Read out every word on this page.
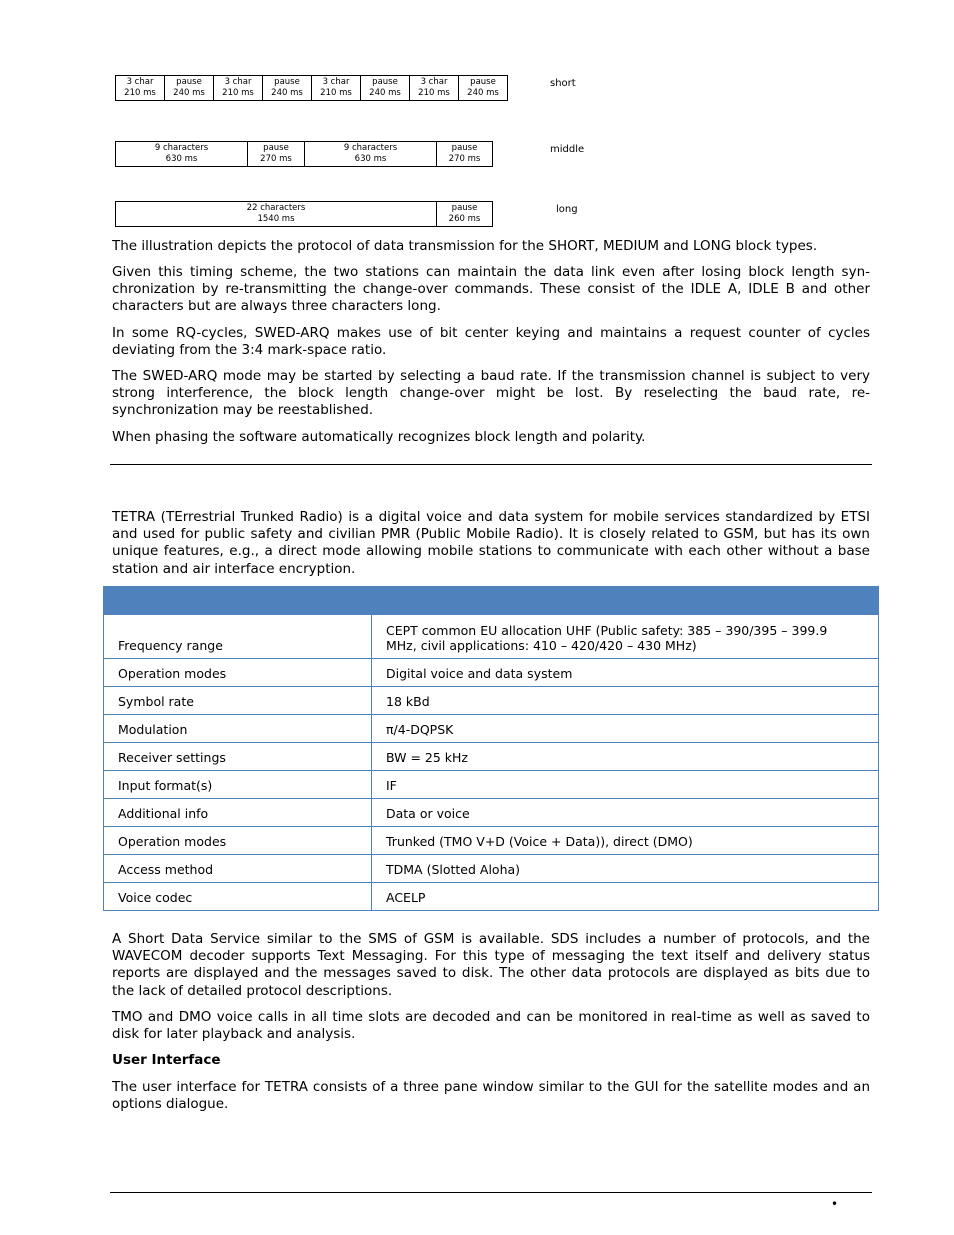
3 char
210 ms
pause
240 ms
3 char
210 ms
pause
240 ms
3 char
210 ms
pause
240 ms
3 char
210 ms
pause
240 ms
short
9 characters
630 ms
pause
270 ms
9 characters
630 ms
pause
270 ms
middle
22 characters
1540 ms
pause
260 ms
long

The illustration depicts the protocol of data transmission for the SHORT, MEDIUM and LONG block types.

Given this timing scheme, the two stations can maintain the data link even after losing block length syn-chronization by re-transmitting the change-over commands. These consist of the IDLE A, IDLE B and other characters but are always three characters long.

In some RQ-cycles, SWED-ARQ makes use of bit center keying and maintains a request counter of cycles deviating from the 3:4 mark-space ratio.

The SWED-ARQ mode may be started by selecting a baud rate. If the transmission channel is subject to very strong interference, the block length change-over might be lost. By reselecting the baud rate, re-synchronization may be reestablished.

When phasing the software automatically recognizes block length and polarity.

TETRA (TErrestrial Trunked Radio) is a digital voice and data system for mobile services standardized by ETSI and used for public safety and civilian PMR (Public Mobile Radio). It is closely related to GSM, but has its own unique features, e.g., a direct mode allowing mobile stations to communicate with each other without a base station and air interface encryption.

Frequency range	CEPT common EU allocation UHF (Public safety: 385 – 390/395 – 399.9 MHz, civil applications: 410 – 420/420 – 430 MHz)
Operation modes	Digital voice and data system
Symbol rate	18 kBd
Modulation	π/4-DQPSK
Receiver settings	BW = 25 kHz
Input format(s)	IF
Additional info	Data or voice
Operation modes	Trunked (TMO V+D (Voice + Data)), direct (DMO)
Access method	TDMA (Slotted Aloha)
Voice codec	ACELP

A Short Data Service similar to the SMS of GSM is available. SDS includes a number of protocols, and the WAVECOM decoder supports Text Messaging. For this type of messaging the text itself and delivery status reports are displayed and the messages saved to disk. The other data protocols are displayed as bits due to the lack of detailed protocol descriptions.

TMO and DMO voice calls in all time slots are decoded and can be monitored in real-time as well as saved to disk for later playback and analysis.

User Interface

The user interface for TETRA consists of a three pane window similar to the GUI for the satellite modes and an options dialogue.

•
